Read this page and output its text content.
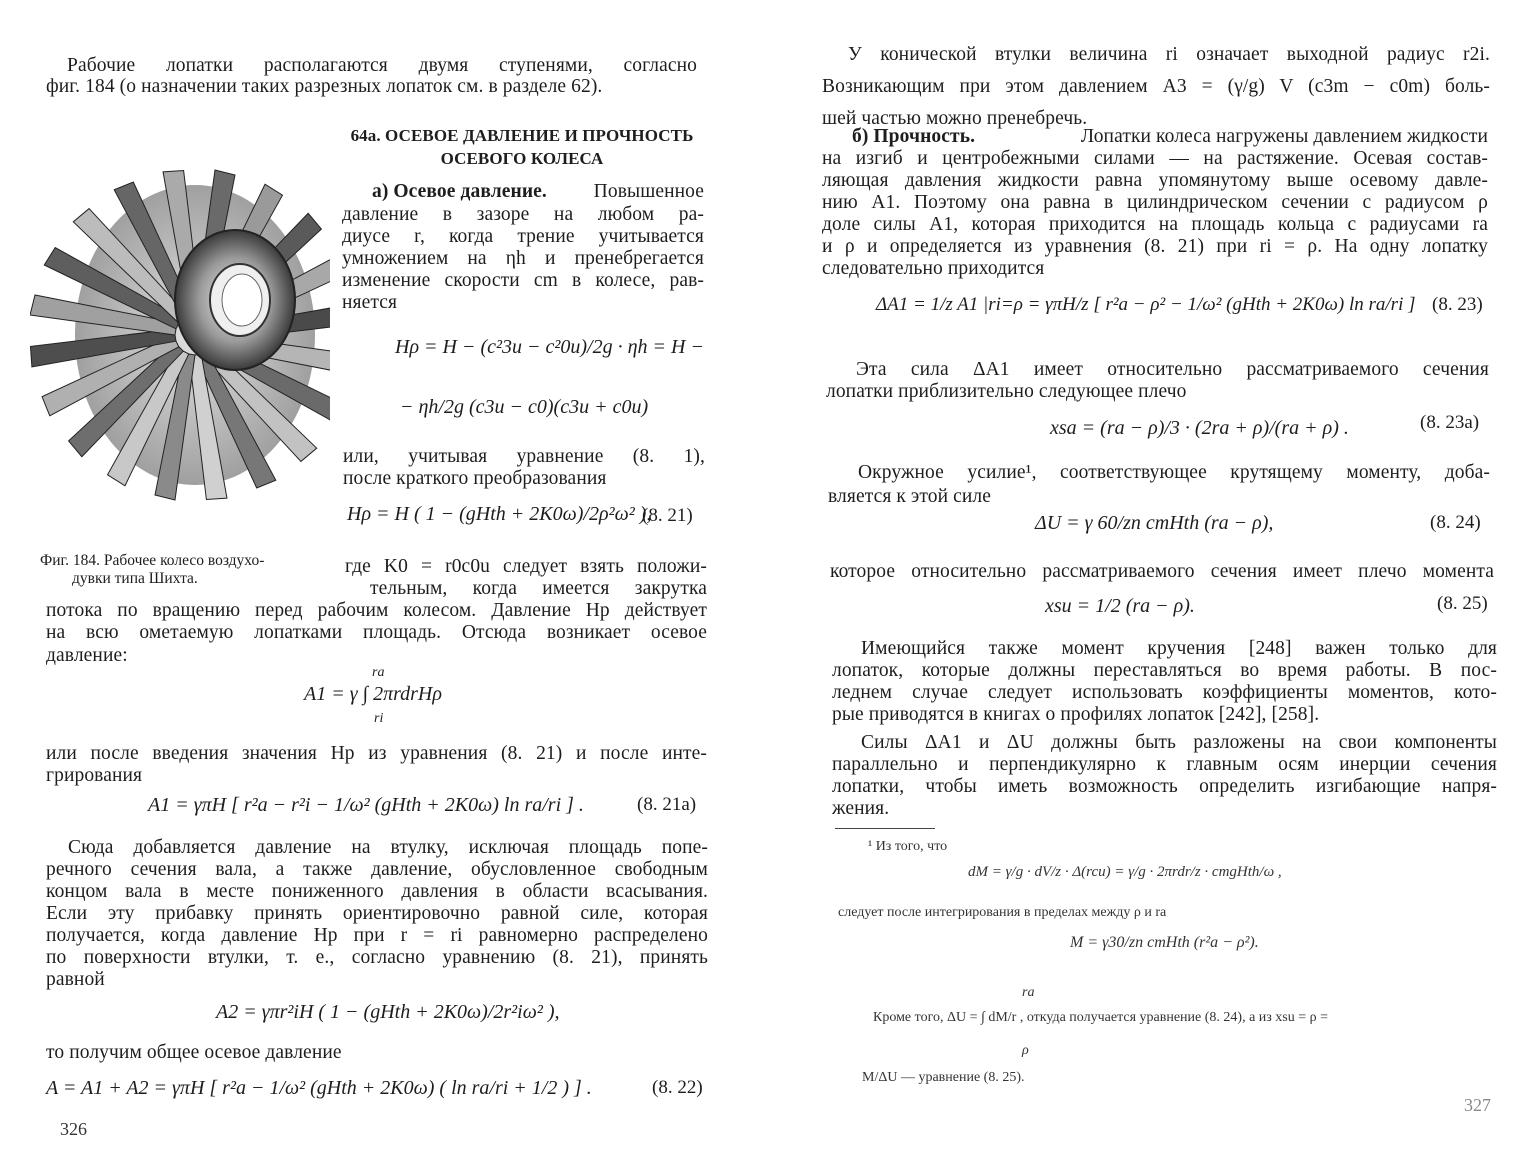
Рабочие лопатки располагаются двумя ступенями, согласно
фиг. 184 (о назначении таких разрезных лопаток см. в разделе 62).
64а. ОСЕВОЕ ДАВЛЕНИЕ И ПРОЧНОСТЬ
ОСЕВОГО КОЛЕСА
а) Осевое давление. Повышенное
давление в зазоре на любом ра-
диусе r, когда трение учитывается
умножением на ηh и пренебрегается
изменение скорости cm в колесе, рав-
няется
Hρ = H − (c²3u − c²0u)/2g · ηh = H −
− ηh/2g (c3u − c0)(c3u + c0u)
или, учитывая уравнение (8. 1),
после краткого преобразования
Hρ = H ( 1 − (gHth + 2K0ω)/2ρ²ω² ),
(8. 21)
Фиг. 184. Рабочее колесо воздухо-
дувки типа Шихта.
где K0 = r0c0u следует взять положи-
тельным, когда имеется закрутка
потока по вращению перед рабочим колесом. Давление Hp действует
на всю ометаемую лопатками площадь. Отсюда возникает осевое
давление:
ra
A1 = γ ∫ 2πrdrHρ
ri
или после введения значения Hp из уравнения (8. 21) и после инте-
грирования
A1 = γπH [ r²a − r²i − 1/ω² (gHth + 2K0ω) ln ra/ri ] .	(8. 21а)
Сюда добавляется давление на втулку, исключая площадь попе-
речного сечения вала, а также давление, обусловленное свободным
концом вала в месте пониженного давления в области всасывания.
Если эту прибавку принять ориентировочно равной силе, которая
получается, когда давление Hp при r = ri равномерно распределено
по поверхности втулки, т. е., согласно уравнению (8. 21), принять
равной
A2 = γπr²iH ( 1 − (gHth + 2K0ω)/2r²iω² ),
то получим общее осевое давление
A = A1 + A2 = γπH [ r²a − 1/ω² (gHth + 2K0ω) ( ln ra/ri + 1/2 ) ] .	(8. 22)
326
У конической втулки величина ri означает выходной радиус r2i.
Возникающим при этом давлением A3 = (γ/g) V (c3m − c0m) боль-
шей частью можно пренебречь.
б) Прочность.	Лопатки колеса нагружены давлением жидкости
на изгиб и центробежными силами — на растяжение. Осевая состав-
ляющая давления жидкости равна упомянутому выше осевому давле-
нию A1. Поэтому она равна в цилиндрическом сечении с радиусом ρ
доле силы A1, которая приходится на площадь кольца с радиусами ra
и ρ и определяется из уравнения (8. 21) при ri = ρ. На одну лопатку
следовательно приходится
ΔA1 = 1/z A1 |ri=ρ = γπH/z [ r²a − ρ² − 1/ω² (gHth + 2K0ω) ln ra/ri ] (8. 23)
Эта сила ΔA1 имеет относительно рассматриваемого сечения
лопатки приблизительно следующее плечо
xsa = (ra − ρ)/3 · (2ra + ρ)/(ra + ρ) .	(8. 23а)
Окружное усилие¹, соответствующее крутящему моменту, доба-
вляется к этой силе
ΔU = γ 60/zn cmHth (ra − ρ),	(8. 24)
которое относительно рассматриваемого сечения имеет плечо момента
xsu = 1/2 (ra − ρ).	(8. 25)
Имеющийся также момент кручения [248] важен только для
лопаток, которые должны переставляться во время работы. В пос-
леднем случае следует использовать коэффициенты моментов, кото-
рые приводятся в книгах о профилях лопаток [242], [258].
Силы ΔA1 и ΔU должны быть разложены на свои компоненты
параллельно и перпендикулярно к главным осям инерции сечения
лопатки, чтобы иметь возможность определить изгибающие напря-
жения.
¹ Из того, что
dM = γ/g · dV/z · Δ(rcu) = γ/g · 2πrdr/z · cmgHth/ω ,
следует после интегрирования в пределах между ρ и ra
M = γ30/zn cmHth (r²a − ρ²).
ra
Кроме того, ΔU = ∫ dM/r , откуда получается уравнение (8. 24), а из xsu = ρ =
ρ
M/ΔU — уравнение (8. 25).
327
